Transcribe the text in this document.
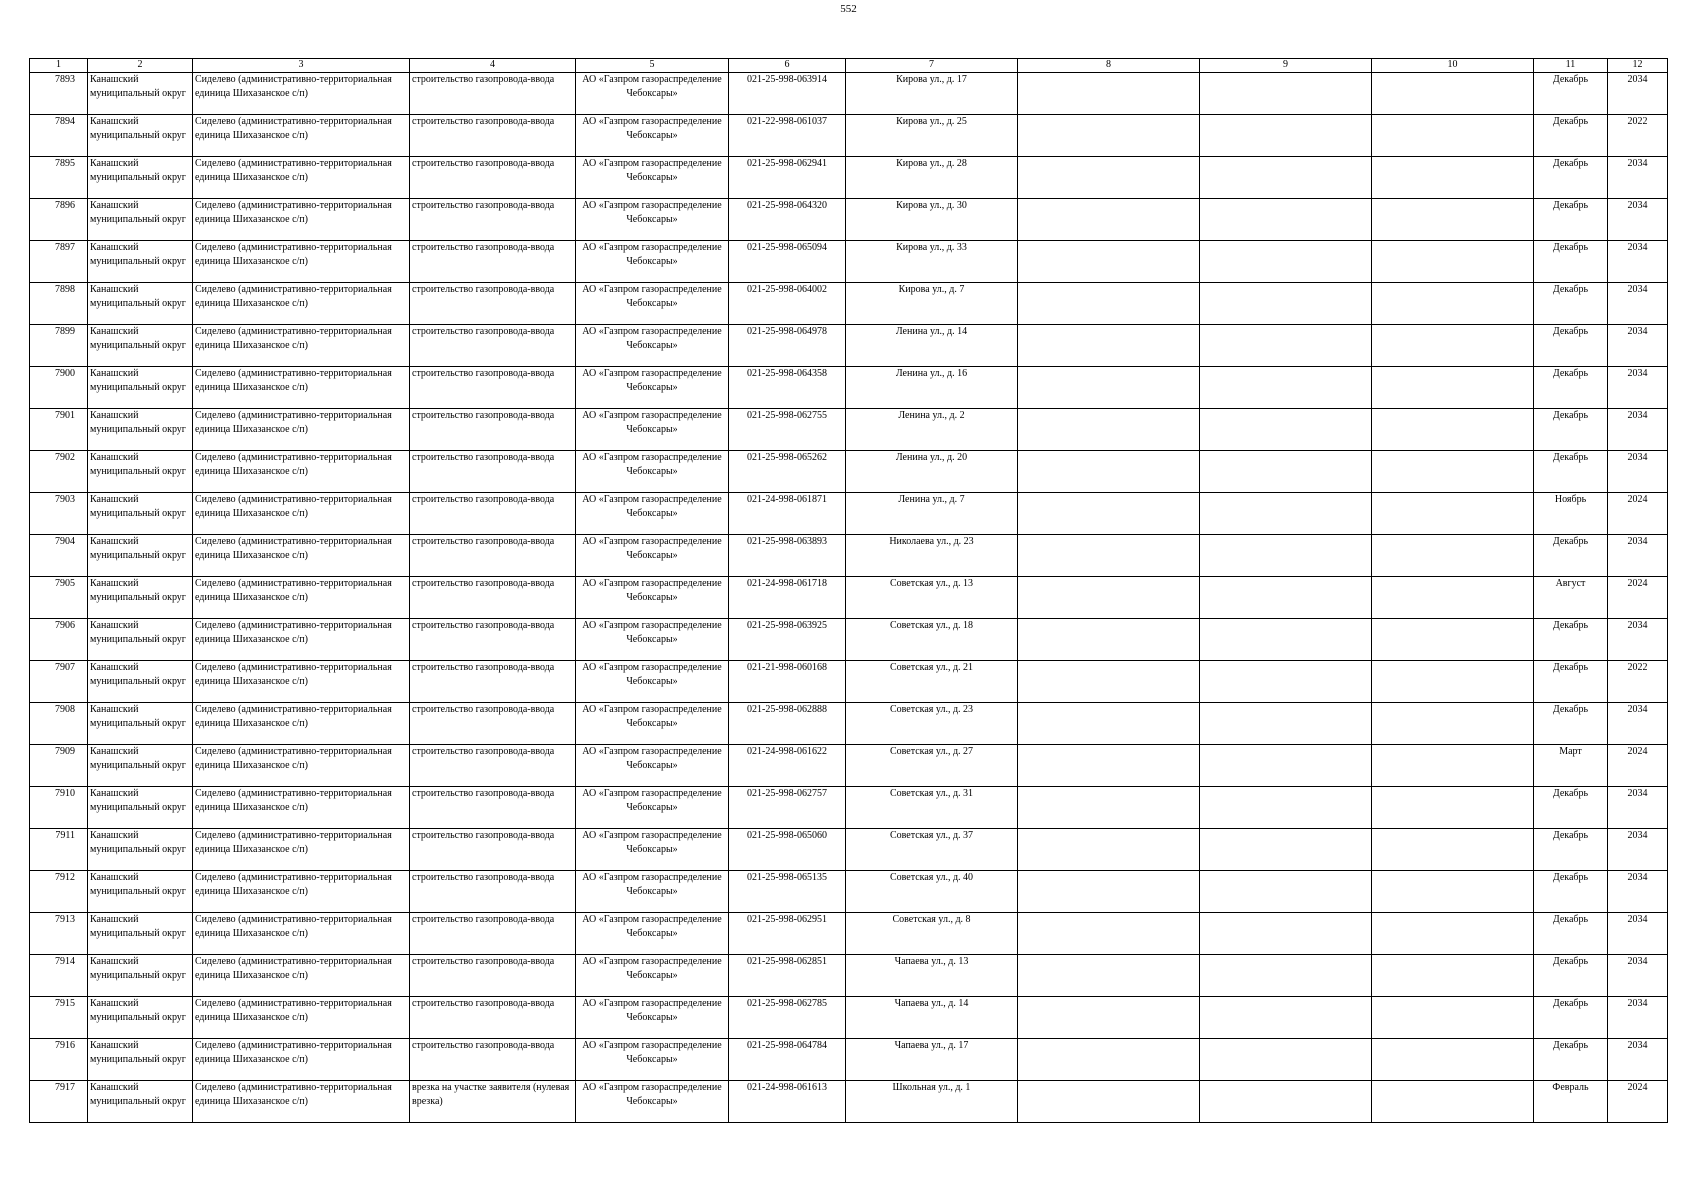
552
1	2	3	4	5	6	7	8	9	10	11	12
7893	Канашский муниципальный округ	Сиделево (административно-территориальная единица Шихазанское с/п)	строительство газопровода-ввода	АО «Газпром газораспределение Чебоксары»	021-25-998-063914	Кирова ул., д. 17				Декабрь	2034
7894	Канашский муниципальный округ	Сиделево (административно-территориальная единица Шихазанское с/п)	строительство газопровода-ввода	АО «Газпром газораспределение Чебоксары»	021-22-998-061037	Кирова ул., д. 25				Декабрь	2022
7895	Канашский муниципальный округ	Сиделево (административно-территориальная единица Шихазанское с/п)	строительство газопровода-ввода	АО «Газпром газораспределение Чебоксары»	021-25-998-062941	Кирова ул., д. 28				Декабрь	2034
7896	Канашский муниципальный округ	Сиделево (административно-территориальная единица Шихазанское с/п)	строительство газопровода-ввода	АО «Газпром газораспределение Чебоксары»	021-25-998-064320	Кирова ул., д. 30				Декабрь	2034
7897	Канашский муниципальный округ	Сиделево (административно-территориальная единица Шихазанское с/п)	строительство газопровода-ввода	АО «Газпром газораспределение Чебоксары»	021-25-998-065094	Кирова ул., д. 33				Декабрь	2034
7898	Канашский муниципальный округ	Сиделево (административно-территориальная единица Шихазанское с/п)	строительство газопровода-ввода	АО «Газпром газораспределение Чебоксары»	021-25-998-064002	Кирова ул., д. 7				Декабрь	2034
7899	Канашский муниципальный округ	Сиделево (административно-территориальная единица Шихазанское с/п)	строительство газопровода-ввода	АО «Газпром газораспределение Чебоксары»	021-25-998-064978	Ленина ул., д. 14				Декабрь	2034
7900	Канашский муниципальный округ	Сиделево (административно-территориальная единица Шихазанское с/п)	строительство газопровода-ввода	АО «Газпром газораспределение Чебоксары»	021-25-998-064358	Ленина ул., д. 16				Декабрь	2034
7901	Канашский муниципальный округ	Сиделево (административно-территориальная единица Шихазанское с/п)	строительство газопровода-ввода	АО «Газпром газораспределение Чебоксары»	021-25-998-062755	Ленина ул., д. 2				Декабрь	2034
7902	Канашский муниципальный округ	Сиделево (административно-территориальная единица Шихазанское с/п)	строительство газопровода-ввода	АО «Газпром газораспределение Чебоксары»	021-25-998-065262	Ленина ул., д. 20				Декабрь	2034
7903	Канашский муниципальный округ	Сиделево (административно-территориальная единица Шихазанское с/п)	строительство газопровода-ввода	АО «Газпром газораспределение Чебоксары»	021-24-998-061871	Ленина ул., д. 7				Ноябрь	2024
7904	Канашский муниципальный округ	Сиделево (административно-территориальная единица Шихазанское с/п)	строительство газопровода-ввода	АО «Газпром газораспределение Чебоксары»	021-25-998-063893	Николаева ул., д. 23				Декабрь	2034
7905	Канашский муниципальный округ	Сиделево (административно-территориальная единица Шихазанское с/п)	строительство газопровода-ввода	АО «Газпром газораспределение Чебоксары»	021-24-998-061718	Советская ул., д. 13				Август	2024
7906	Канашский муниципальный округ	Сиделево (административно-территориальная единица Шихазанское с/п)	строительство газопровода-ввода	АО «Газпром газораспределение Чебоксары»	021-25-998-063925	Советская ул., д. 18				Декабрь	2034
7907	Канашский муниципальный округ	Сиделево (административно-территориальная единица Шихазанское с/п)	строительство газопровода-ввода	АО «Газпром газораспределение Чебоксары»	021-21-998-060168	Советская ул., д. 21				Декабрь	2022
7908	Канашский муниципальный округ	Сиделево (административно-территориальная единица Шихазанское с/п)	строительство газопровода-ввода	АО «Газпром газораспределение Чебоксары»	021-25-998-062888	Советская ул., д. 23				Декабрь	2034
7909	Канашский муниципальный округ	Сиделево (административно-территориальная единица Шихазанское с/п)	строительство газопровода-ввода	АО «Газпром газораспределение Чебоксары»	021-24-998-061622	Советская ул., д. 27				Март	2024
7910	Канашский муниципальный округ	Сиделево (административно-территориальная единица Шихазанское с/п)	строительство газопровода-ввода	АО «Газпром газораспределение Чебоксары»	021-25-998-062757	Советская ул., д. 31				Декабрь	2034
7911	Канашский муниципальный округ	Сиделево (административно-территориальная единица Шихазанское с/п)	строительство газопровода-ввода	АО «Газпром газораспределение Чебоксары»	021-25-998-065060	Советская ул., д. 37				Декабрь	2034
7912	Канашский муниципальный округ	Сиделево (административно-территориальная единица Шихазанское с/п)	строительство газопровода-ввода	АО «Газпром газораспределение Чебоксары»	021-25-998-065135	Советская ул., д. 40				Декабрь	2034
7913	Канашский муниципальный округ	Сиделево (административно-территориальная единица Шихазанское с/п)	строительство газопровода-ввода	АО «Газпром газораспределение Чебоксары»	021-25-998-062951	Советская ул., д. 8				Декабрь	2034
7914	Канашский муниципальный округ	Сиделево (административно-территориальная единица Шихазанское с/п)	строительство газопровода-ввода	АО «Газпром газораспределение Чебоксары»	021-25-998-062851	Чапаева ул., д. 13				Декабрь	2034
7915	Канашский муниципальный округ	Сиделево (административно-территориальная единица Шихазанское с/п)	строительство газопровода-ввода	АО «Газпром газораспределение Чебоксары»	021-25-998-062785	Чапаева ул., д. 14				Декабрь	2034
7916	Канашский муниципальный округ	Сиделево (административно-территориальная единица Шихазанское с/п)	строительство газопровода-ввода	АО «Газпром газораспределение Чебоксары»	021-25-998-064784	Чапаева ул., д. 17				Декабрь	2034
7917	Канашский муниципальный округ	Сиделево (административно-территориальная единица Шихазанское с/п)	врезка на участке заявителя (нулевая врезка)	АО «Газпром газораспределение Чебоксары»	021-24-998-061613	Школьная ул., д. 1				Февраль	2024
